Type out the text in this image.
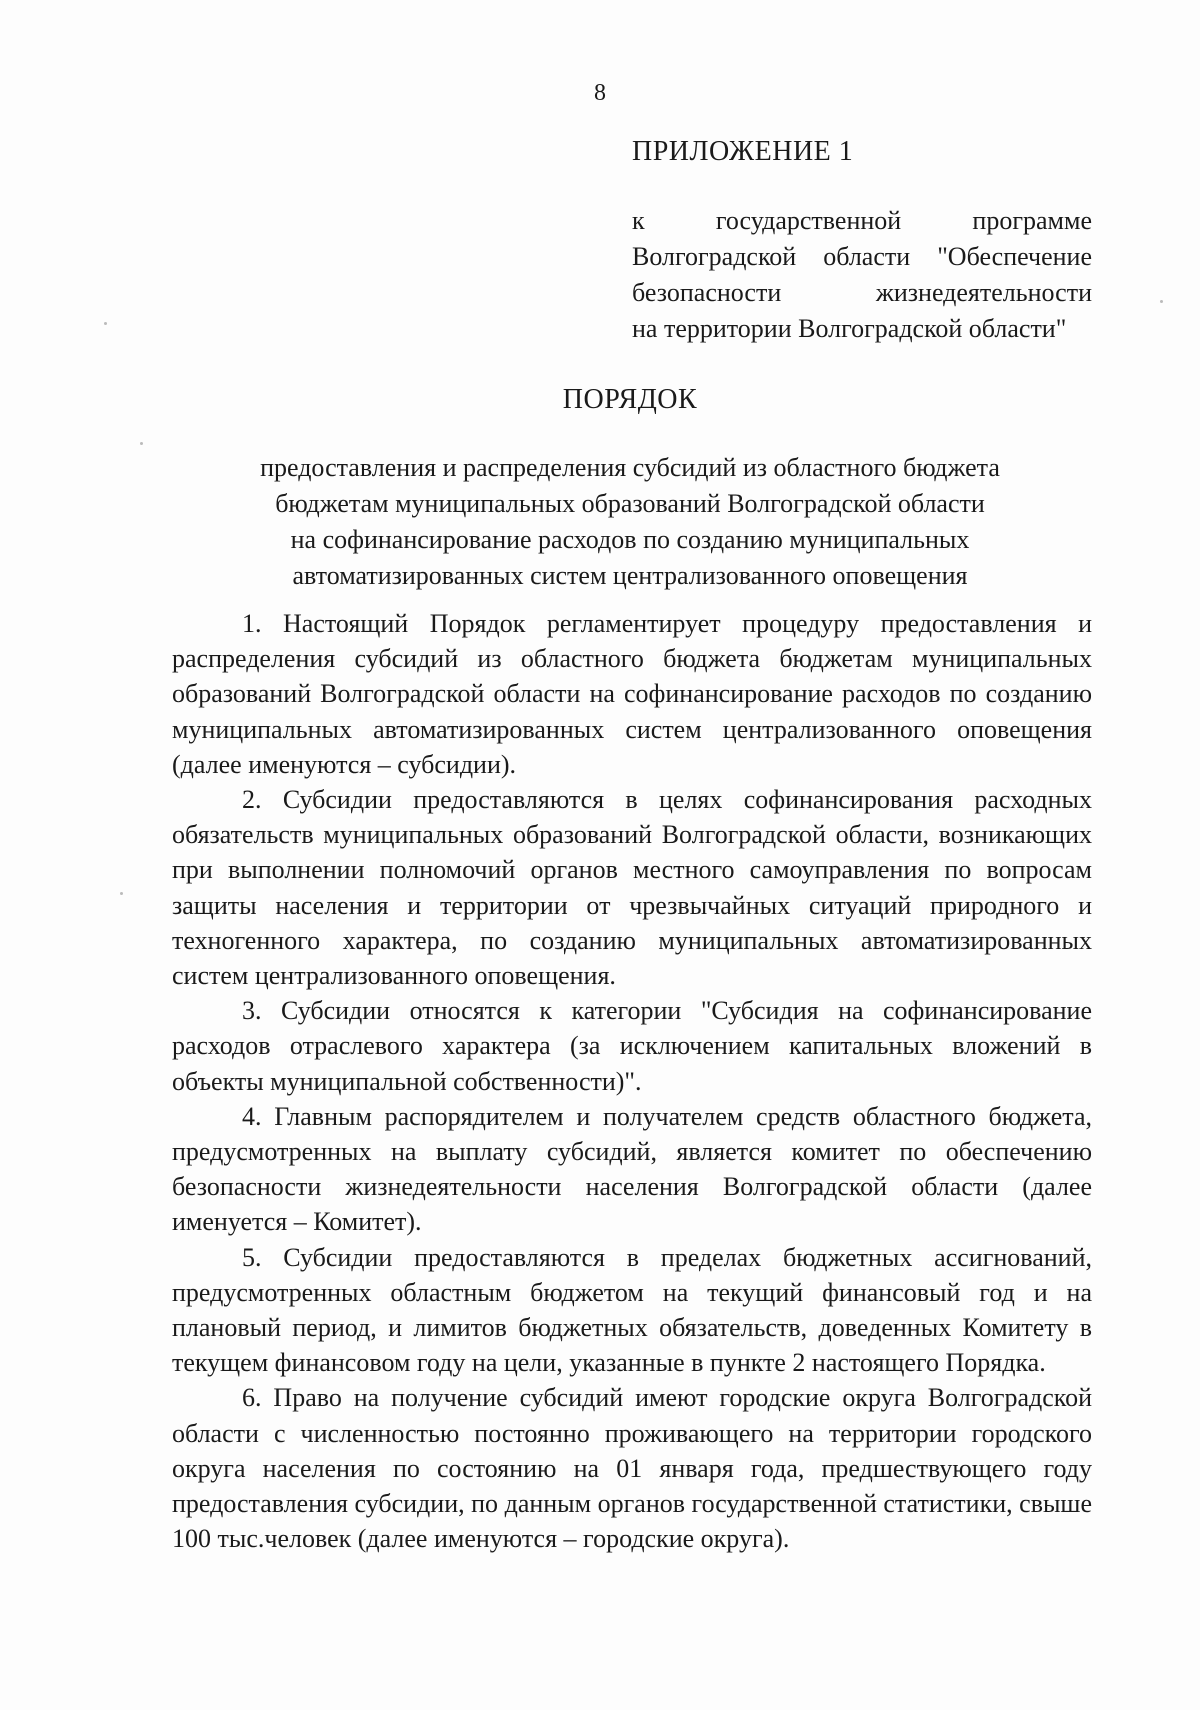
8
ПРИЛОЖЕНИЕ 1
к государственной программе
Волгоградской области "Обеспечение
безопасности жизнедеятельности
на территории Волгоградской области"
ПОРЯДОК
предоставления и распределения субсидий из областного бюджета
бюджетам муниципальных образований Волгоградской области
на софинансирование расходов по созданию муниципальных
автоматизированных систем централизованного оповещения

1. Настоящий Порядок регламентирует процедуру предоставления и распределения субсидий из областного бюджета бюджетам муниципальных образований Волгоградской области на софинансирование расходов по созданию муниципальных автоматизированных систем централизованного оповещения (далее именуются – субсидии).

2. Субсидии предоставляются в целях софинансирования расходных обязательств муниципальных образований Волгоградской области, возникающих при выполнении полномочий органов местного самоуправления по вопросам защиты населения и территории от чрезвычайных ситуаций природного и техногенного характера, по созданию муниципальных автоматизированных систем централизованного оповещения.

3. Субсидии относятся к категории "Субсидия на софинансирование расходов отраслевого характера (за исключением капитальных вложений в объекты муниципальной собственности)".

4. Главным распорядителем и получателем средств областного бюджета, предусмотренных на выплату субсидий, является комитет по обеспечению безопасности жизнедеятельности населения Волгоградской области (далее именуется – Комитет).

5. Субсидии предоставляются в пределах бюджетных ассигнований, предусмотренных областным бюджетом на текущий финансовый год и на плановый период, и лимитов бюджетных обязательств, доведенных Комитету в текущем финансовом году на цели, указанные в пункте 2 настоящего Порядка.

6. Право на получение субсидий имеют городские округа Волгоградской области с численностью постоянно проживающего на территории городского округа населения по состоянию на 01 января года, предшествующего году предоставления субсидии, по данным органов государственной статистики, свыше 100 тыс.человек (далее именуются – городские округа).
